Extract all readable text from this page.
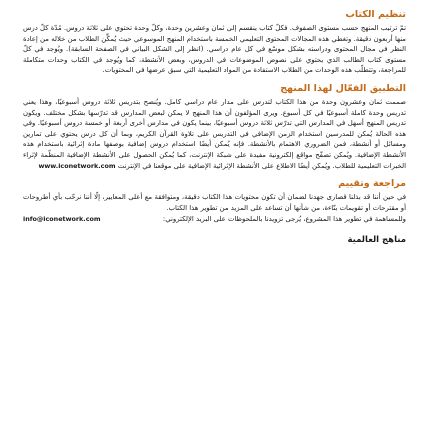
تنظيم الكتاب

تمّ ترتيب المنهج حسب مستوى الصفوف. فكلّ كتاب ينقسم إلى ثمان وعشرين وحدة، وكلّ وحدة تحتوي على ثلاثة دروس. مُدّة كلّ درس منها أربعون دقيقة. وتغطي هذه المجالات المحتوى التعليمي الخمسة باستخدام المنهج الموسوعي حيث يُمكِّن الطلاب من خلاله من إعادة النظر في مجال المحتوى ودراسته بشكل موسّع في كل عام دراسي. (انظر إلى الشكل البياني في الصفحة السابقة). ويُوجد في كلّ مستوى كتاب الطالب الذي يحتوي على نصوص الموضوعات في الدروس، وبعض الأنشطة، كما ويُوجد في الكتاب وحدات متكاملة للمراجعة، وتتطلّب هذه الوحدات من الطلاب الاستفادة من المواد التعليمية التي سبق عرضها في المحتويات.

التطبيق الفعّال لهذا المنهج

صممت ثمان وعشرون وحدة من هذا الكتاب لتدرس على مدار عام دراسي كامل. ويُنصح بتدريس ثلاثة دروس أسبوعيًا، وهذا يعني تدريس وحدة كاملة أسبوعيًا في كل أسبوع. ويرى المؤلفون أن هذا المنهج لا يمكن لبعض المدارس قد تدرّسها بشكل مختلف. ويكون تدريس المنهج أسهل في المدارس التي تدرّس ثلاثة دروس أسبوعيًا، بينما يكون في مدارس أخرى أربعة أو خمسة دروس أسبوعيًا. وفي هذه الحالة يُمكن للمدرسين استخدام الزمن الإضافي في التدريس على تلاوة القرآن الكريم، وبما أن كل درس يحتوي على تمارين ومسائل أو أنشطة، فمن الضروري الاهتمام بالأنشطة. فإنه يُمكن أيضًا استخدام دروس إضافية بوصفها مادة إثرائية باستخدام هذه الأنشطة الإضافية. ويُمكن تصفّح مواقع إلكترونية مفيدة على شبكة الإنترنت، كما يُمكن الحصول على الأنشطة الإضافية المنظّمة لإثراء الخبرات التعليمية للطلاب. ويُمكن أيضًا الاطلاع على الأنشطة الإثرائية الإضافية على موقعنا في الإنترنت www.iconetwork.com

مراجعة وتقييم

في حين أننا قد بذلنا قصارى جهدنا لضمان أن تكون محتويات هذا الكتاب دقيقة، ومتوافقة مع أعلى المعايير، إلّا أننا نرحّب بأي أطروحات أو مقترحات أو تقويمات بنّاءة، من شأنها أن تساعد على المزيد من تطوير هذا الكتاب.

وللمساهمة في تطوير هذا المشروع، يُرجى تزويدنا بالملحوظات على البريد الإلكتروني:
info@iconetwork.com
مناهج العالمية
